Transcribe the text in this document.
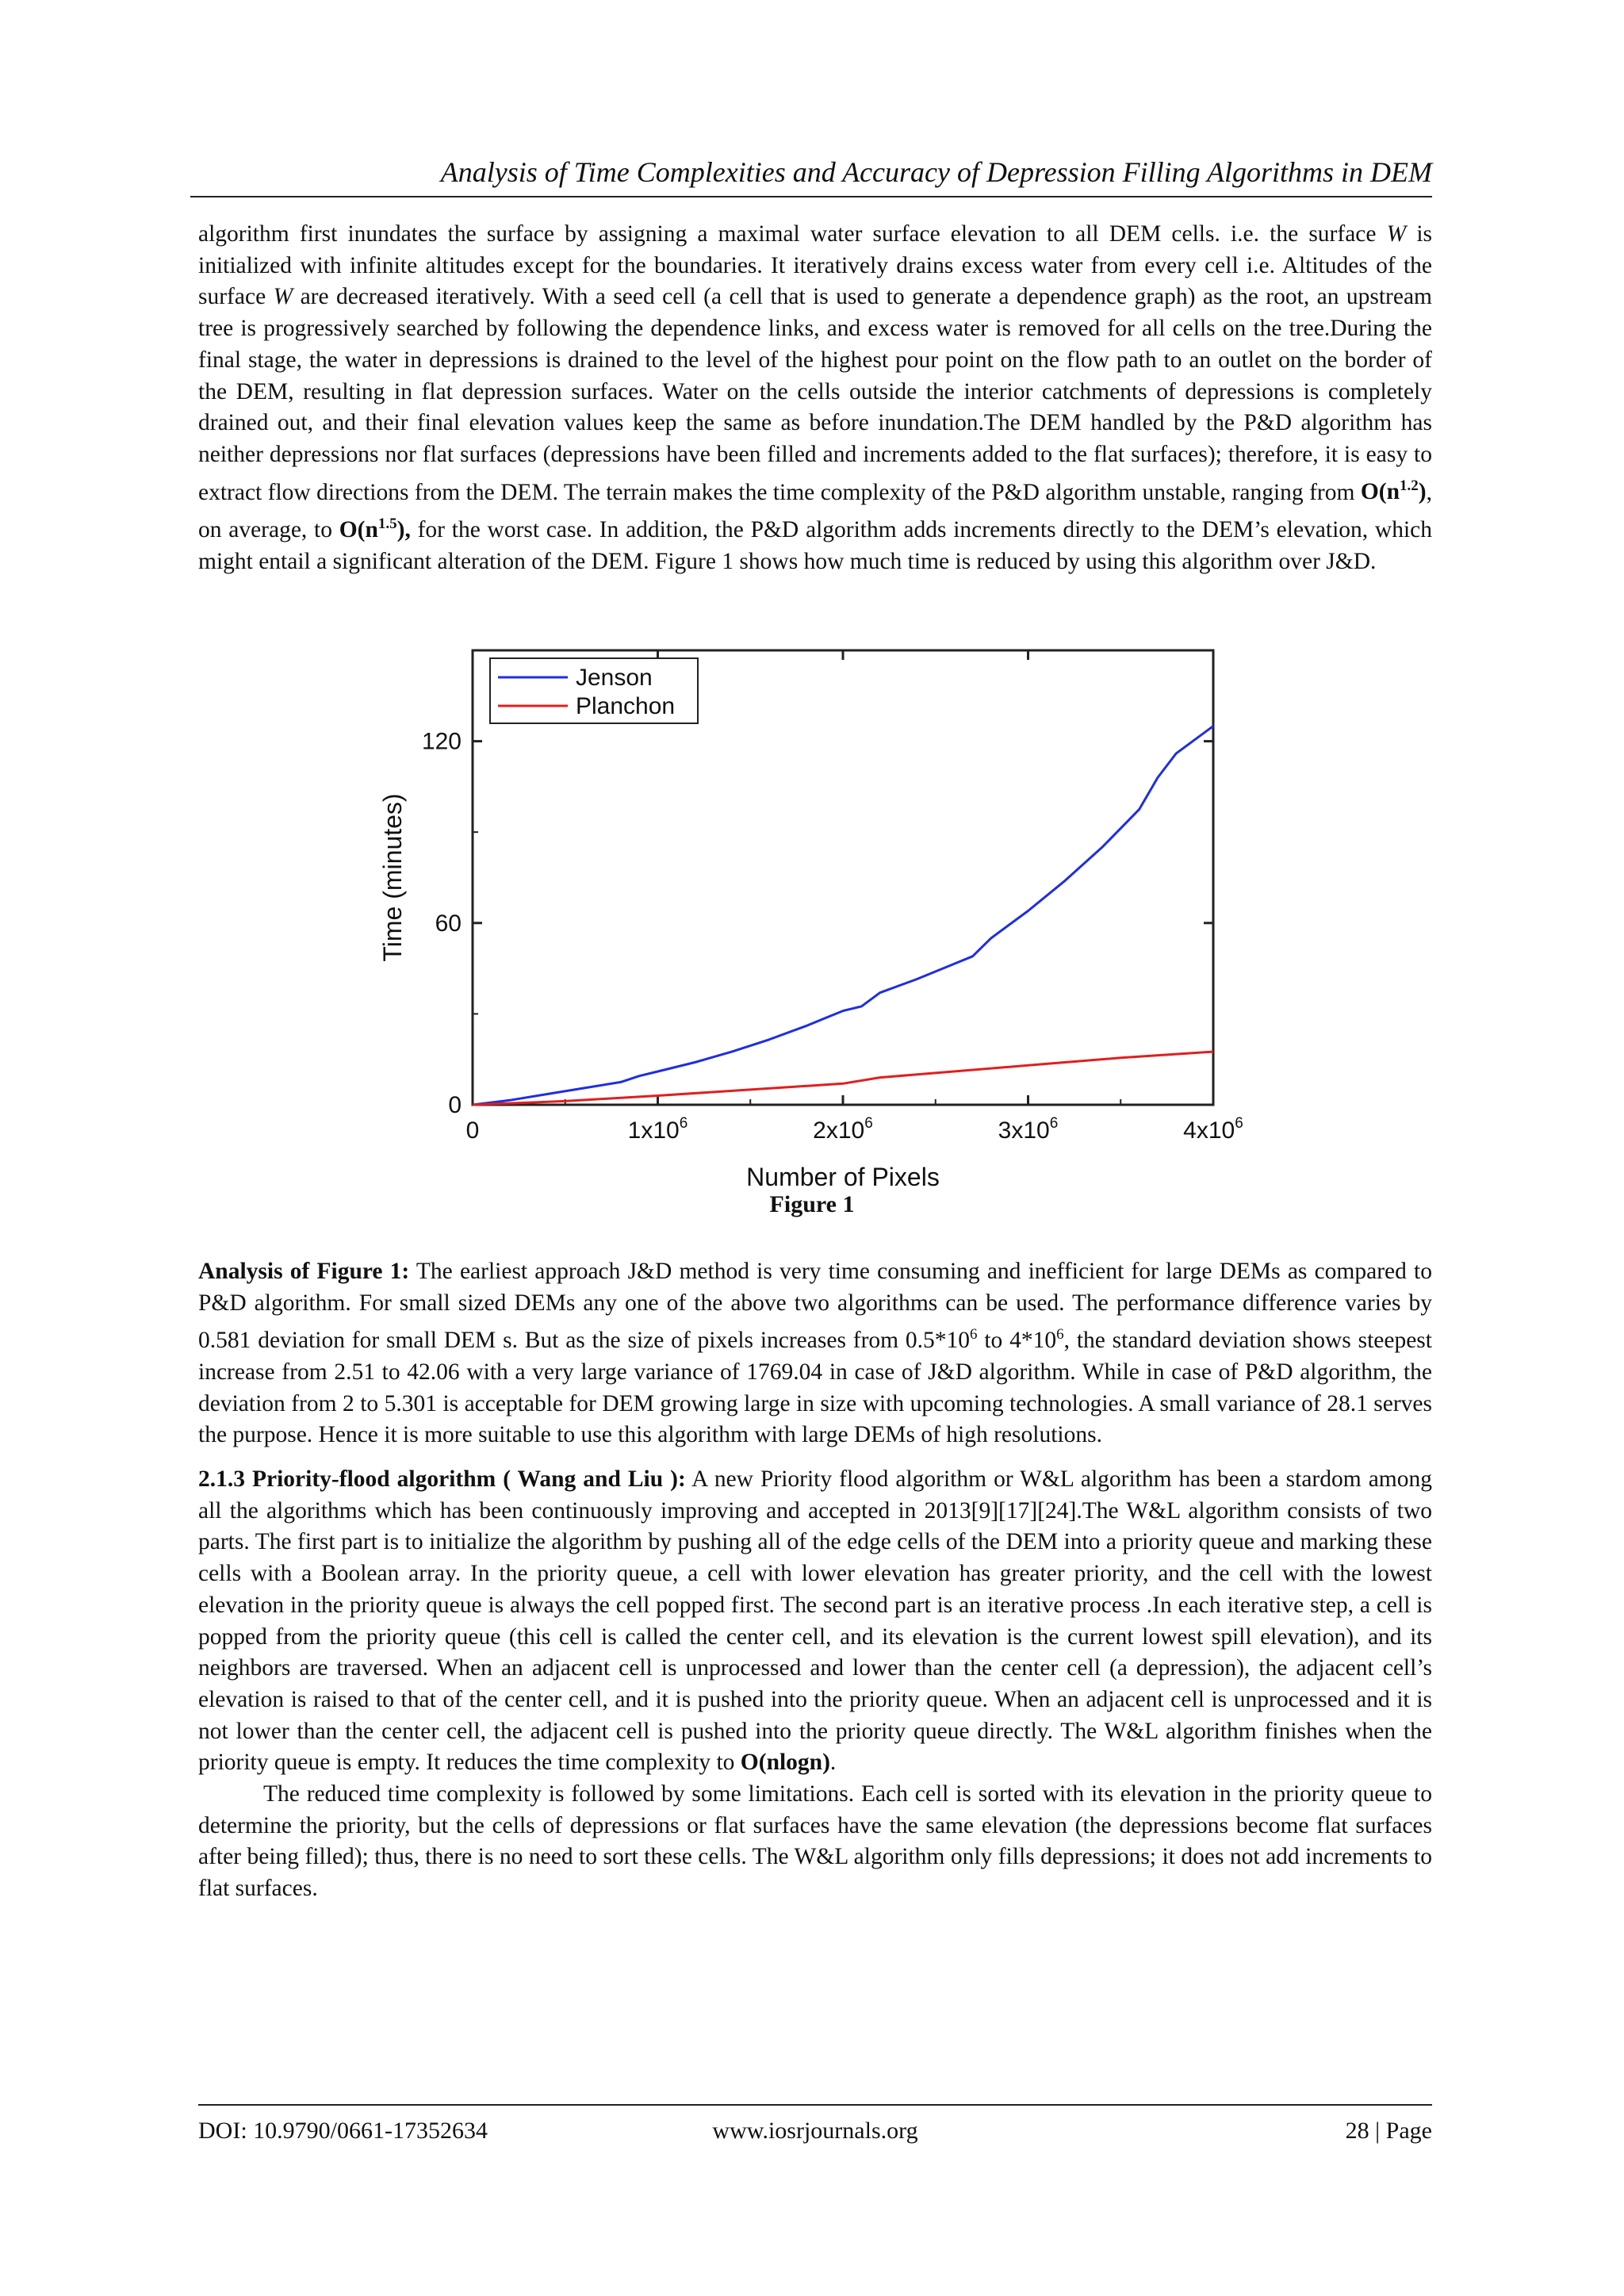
Analysis of Time Complexities and Accuracy of Depression Filling Algorithms in DEM

algorithm first inundates the surface by assigning a maximal water surface elevation to all DEM cells. i.e. the surface W is initialized with infinite altitudes except for the boundaries. It iteratively drains excess water from every cell i.e. Altitudes of the surface W are decreased iteratively. With a seed cell (a cell that is used to generate a dependence graph) as the root, an upstream tree is progressively searched by following the dependence links, and excess water is removed for all cells on the tree.During the final stage, the water in depressions is drained to the level of the highest pour point on the flow path to an outlet on the border of the DEM, resulting in flat depression surfaces. Water on the cells outside the interior catchments of depressions is completely drained out, and their final elevation values keep the same as before inundation.The DEM handled by the P&D algorithm has neither depressions nor flat surfaces (depressions have been filled and increments added to the flat surfaces); therefore, it is easy to extract flow directions from the DEM. The terrain makes the time complexity of the P&D algorithm unstable, ranging from $O(n^{1.2})$, on average, to $O(n^{1.5})$, for the worst case. In addition, the P&D algorithm adds increments directly to the DEM’s elevation, which might entail a significant alteration of the DEM. Figure 1 shows how much time is reduced by using this algorithm over J&D.

0	$1x10^6$	$2x10^6$	$3x10^6$	$4x10^6$
0
60
120
Number of Pixels
Time (minutes)
Jenson
Planchon
Figure 1

Analysis of Figure 1: The earliest approach J&D method is very time consuming and inefficient for large DEMs as compared to P&D algorithm. For small sized DEMs any one of the above two algorithms can be used. The performance difference varies by 0.581 deviation for small DEM s. But as the size of pixels increases from $0.5*10^6$ to $4*10^6$, the standard deviation shows steepest increase from 2.51 to 42.06 with a very large variance of 1769.04 in case of J&D algorithm. While in case of P&D algorithm, the deviation from 2 to 5.301 is acceptable for DEM growing large in size with upcoming technologies. A small variance of 28.1 serves the purpose. Hence it is more suitable to use this algorithm with large DEMs of high resolutions.

2.1.3 Priority-flood algorithm ( Wang and Liu ): A new Priority flood algorithm or W&L algorithm has been a stardom among all the algorithms which has been continuously improving and accepted in 2013[9][17][24].The W&L algorithm consists of two parts. The first part is to initialize the algorithm by pushing all of the edge cells of the DEM into a priority queue and marking these cells with a Boolean array. In the priority queue, a cell with lower elevation has greater priority, and the cell with the lowest elevation in the priority queue is always the cell popped first. The second part is an iterative process .In each iterative step, a cell is popped from the priority queue (this cell is called the center cell, and its elevation is the current lowest spill elevation), and its neighbors are traversed. When an adjacent cell is unprocessed and lower than the center cell (a depression), the adjacent cell’s elevation is raised to that of the center cell, and it is pushed into the priority queue. When an adjacent cell is unprocessed and it is not lower than the center cell, the adjacent cell is pushed into the priority queue directly. The W&L algorithm finishes when the priority queue is empty. It reduces the time complexity to O(nlogn).

The reduced time complexity is followed by some limitations. Each cell is sorted with its elevation in the priority queue to determine the priority, but the cells of depressions or flat surfaces have the same elevation (the depressions become flat surfaces after being filled); thus, there is no need to sort these cells. The W&L algorithm only fills depressions; it does not add increments to flat surfaces.

DOI: 10.9790/0661-17352634	www.iosrjournals.org	28 | Page
